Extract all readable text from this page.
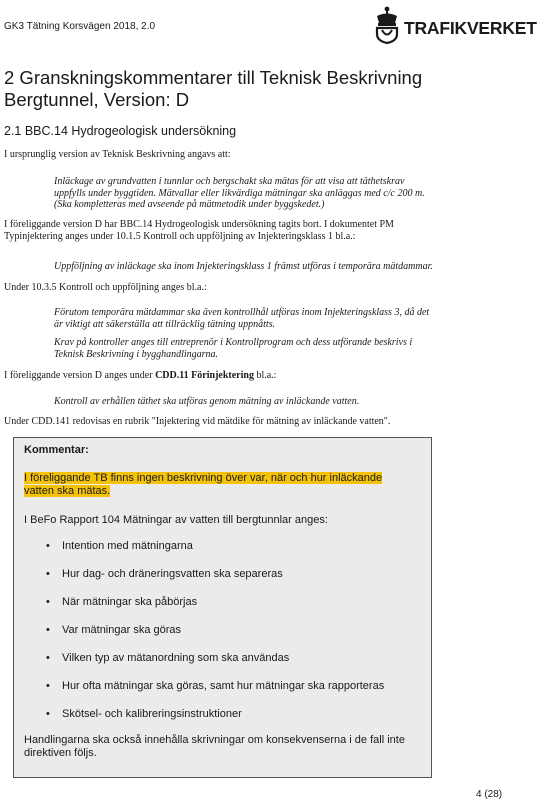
GK3 Tätning Korsvägen 2018, 2.0	TRAFIKVERKET
2 Granskningskommentarer till Teknisk Beskrivning
Bergtunnel, Version: D
2.1 BBC.14 Hydrogeologisk undersökning
I ursprunglig version av Teknisk Beskrivning angavs att:
Inläckage av grundvatten i tunnlar och bergschakt ska mätas för att visa att täthetskrav
uppfylls under byggtiden. Mätvallar eller likvärdiga mätningar ska anläggas med c/c 200 m.
(Ska kompletteras med avseende på mätmetodik under byggskedet.)
I föreliggande version D har BBC.14 Hydrogeologisk undersökning tagits bort. I dokumentet PM
Typinjektering anges under 10.1.5 Kontroll och uppföljning av Injekteringsklass 1 bl.a.:
Uppföljning av inläckage ska inom Injekteringsklass 1 främst utföras i temporära mätdammar.
Under 10.3.5 Kontroll och uppföljning anges bl.a.:
Förutom temporära mätdammar ska även kontrollhål utföras inom Injekteringsklass 3, då det
är viktigt att säkerställa att tillräcklig tätning uppnåtts.
Krav på kontroller anges till entreprenör i Kontrollprogram och dess utförande beskrivs i
Teknisk Beskrivning i bygghandlingarna.
I föreliggande version D anges under CDD.11 Förinjektering bl.a.:
Kontroll av erhållen täthet ska utföras genom mätning av inläckande vatten.
Under CDD.141 redovisas en rubrik "Injektering vid mätdike för mätning av inläckande vatten".
Kommentar:
I föreliggande TB finns ingen beskrivning över var, när och hur inläckande
vatten ska mätas.
I BeFo Rapport 104 Mätningar av vatten till bergtunnlar anges:
• Intention med mätningarna
• Hur dag- och dräneringsvatten ska separeras
• När mätningar ska påbörjas
• Var mätningar ska göras
• Vilken typ av mätanordning som ska användas
• Hur ofta mätningar ska göras, samt hur mätningar ska rapporteras
• Skötsel- och kalibreringsinstruktioner
Handlingarna ska också innehålla skrivningar om konsekvenserna i de fall inte
direktiven följs.
4 (28)
